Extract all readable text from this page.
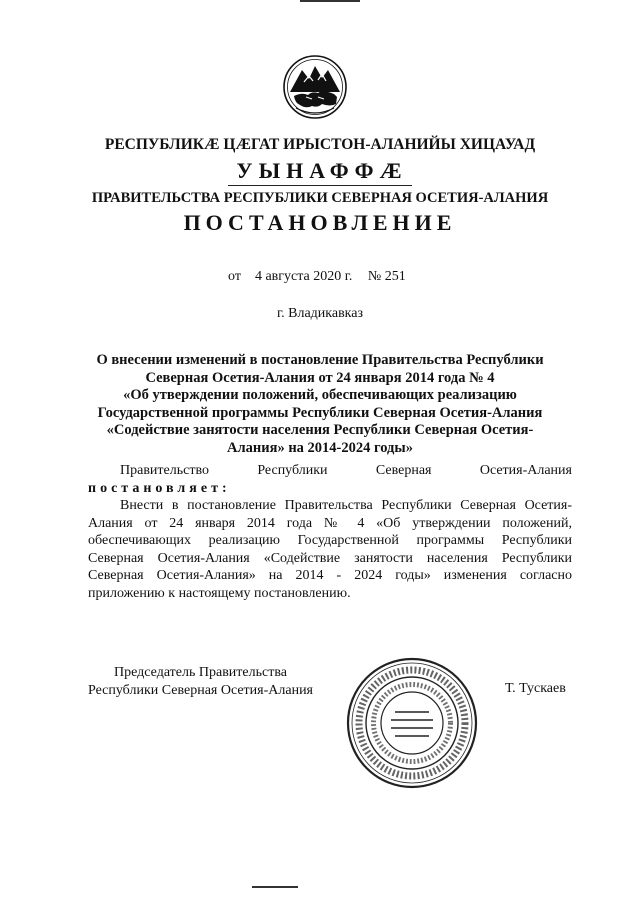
РЕСПУБЛИКÆ ЦÆГАТ ИРЫСТОН-АЛАНИЙЫ ХИЦАУАД
УЫНАФФÆ
ПРАВИТЕЛЬСТВА РЕСПУБЛИКИ СЕВЕРНАЯ ОСЕТИЯ-АЛАНИЯ
ПОСТАНОВЛЕНИЕ
от 4 августа 2020 г. № 251
г. Владикавказ
О внесении изменений в постановление Правительства Республики
Северная Осетия-Алания от 24 января 2014 года № 4
«Об утверждении положений, обеспечивающих реализацию
Государственной программы Республики Северная Осетия-Алания
«Содействие занятости населения Республики Северная Осетия-
Алания» на 2014-2024 годы»
Правительство	Республики	Северная	Осетия-Алания
постановляет:

Внести в постановление Правительства Республики Северная Осетия-Алания от 24 января 2014 года № 4 «Об утверждении положений, обеспечивающих реализацию Государственной программы Республики Северная Осетия-Алания «Содействие занятости населения Республики Северная Осетия-Алания» на 2014 - 2024 годы» изменения согласно приложению к настоящему постановлению.

Председатель Правительства
Республики Северная Осетия-Алания	Т. Тускаев
